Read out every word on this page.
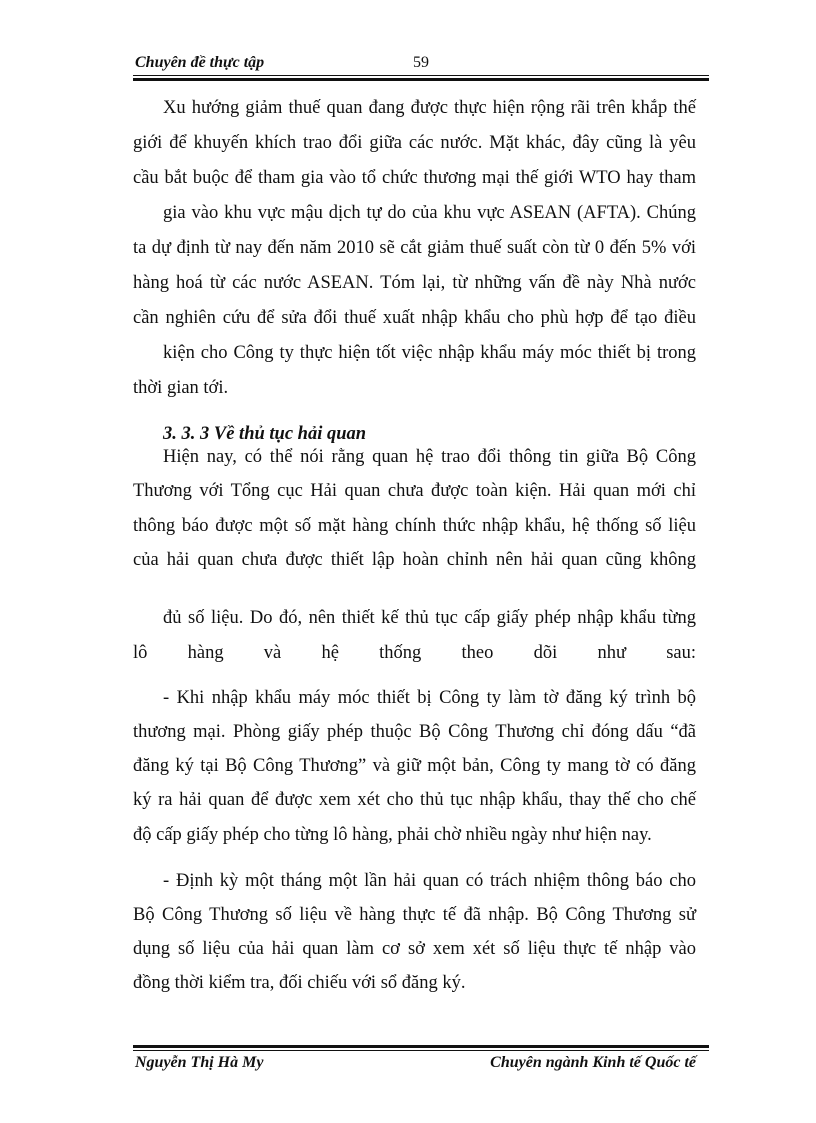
Chuyên đề thực tập	59
Xu hướng giảm thuế quan đang được thực hiện rộng rãi trên khắp thế
giới để khuyến khích trao đổi giữa các nước. Mặt khác, đây cũng là yêu
cầu bắt buộc để tham gia vào tổ chức thương mại thế giới WTO hay tham
gia vào khu vực mậu dịch tự do của khu vực ASEAN (AFTA). Chúng
ta dự định từ nay đến năm 2010 sẽ cắt giảm thuế suất còn từ 0 đến 5% với
hàng hoá từ các nước ASEAN. Tóm lại, từ những vấn đề này Nhà nước
cần nghiên cứu để sửa đổi thuế xuất nhập khẩu cho phù hợp để tạo điều
kiện cho Công ty thực hiện tốt việc nhập khẩu máy móc thiết bị trong
thời gian tới.
3. 3. 3 Về thủ tục hải quan
Hiện nay, có thể nói rằng quan hệ trao đổi thông tin giữa Bộ Công
Thương với Tổng cục Hải quan chưa được toàn kiện. Hải quan mới chỉ
thông báo được một số mặt hàng chính thức nhập khẩu, hệ thống số liệu
của hải quan chưa được thiết lập hoàn chỉnh nên hải quan cũng không
đủ số liệu. Do đó, nên thiết kế thủ tục cấp giấy phép nhập khẩu từng
lô hàng và hệ thống theo dõi như sau:
- Khi nhập khẩu máy móc thiết bị Công ty làm tờ đăng ký trình bộ
thương mại. Phòng giấy phép thuộc Bộ Công Thương chỉ đóng dấu “đã
đăng ký tại Bộ Công Thương” và giữ một bản, Công ty mang tờ có đăng
ký ra hải quan để được xem xét cho thủ tục nhập khẩu, thay thế cho chế
độ cấp giấy phép cho từng lô hàng, phải chờ nhiều ngày như hiện nay.
- Định kỳ một tháng một lần hải quan có trách nhiệm thông báo cho
Bộ Công Thương số liệu về hàng thực tế đã nhập. Bộ Công Thương sử
dụng số liệu của hải quan làm cơ sở xem xét số liệu thực tế nhập vào
đồng thời kiểm tra, đối chiếu với sổ đăng ký.
Nguyễn Thị Hà My	Chuyên ngành Kinh tế Quốc tế
